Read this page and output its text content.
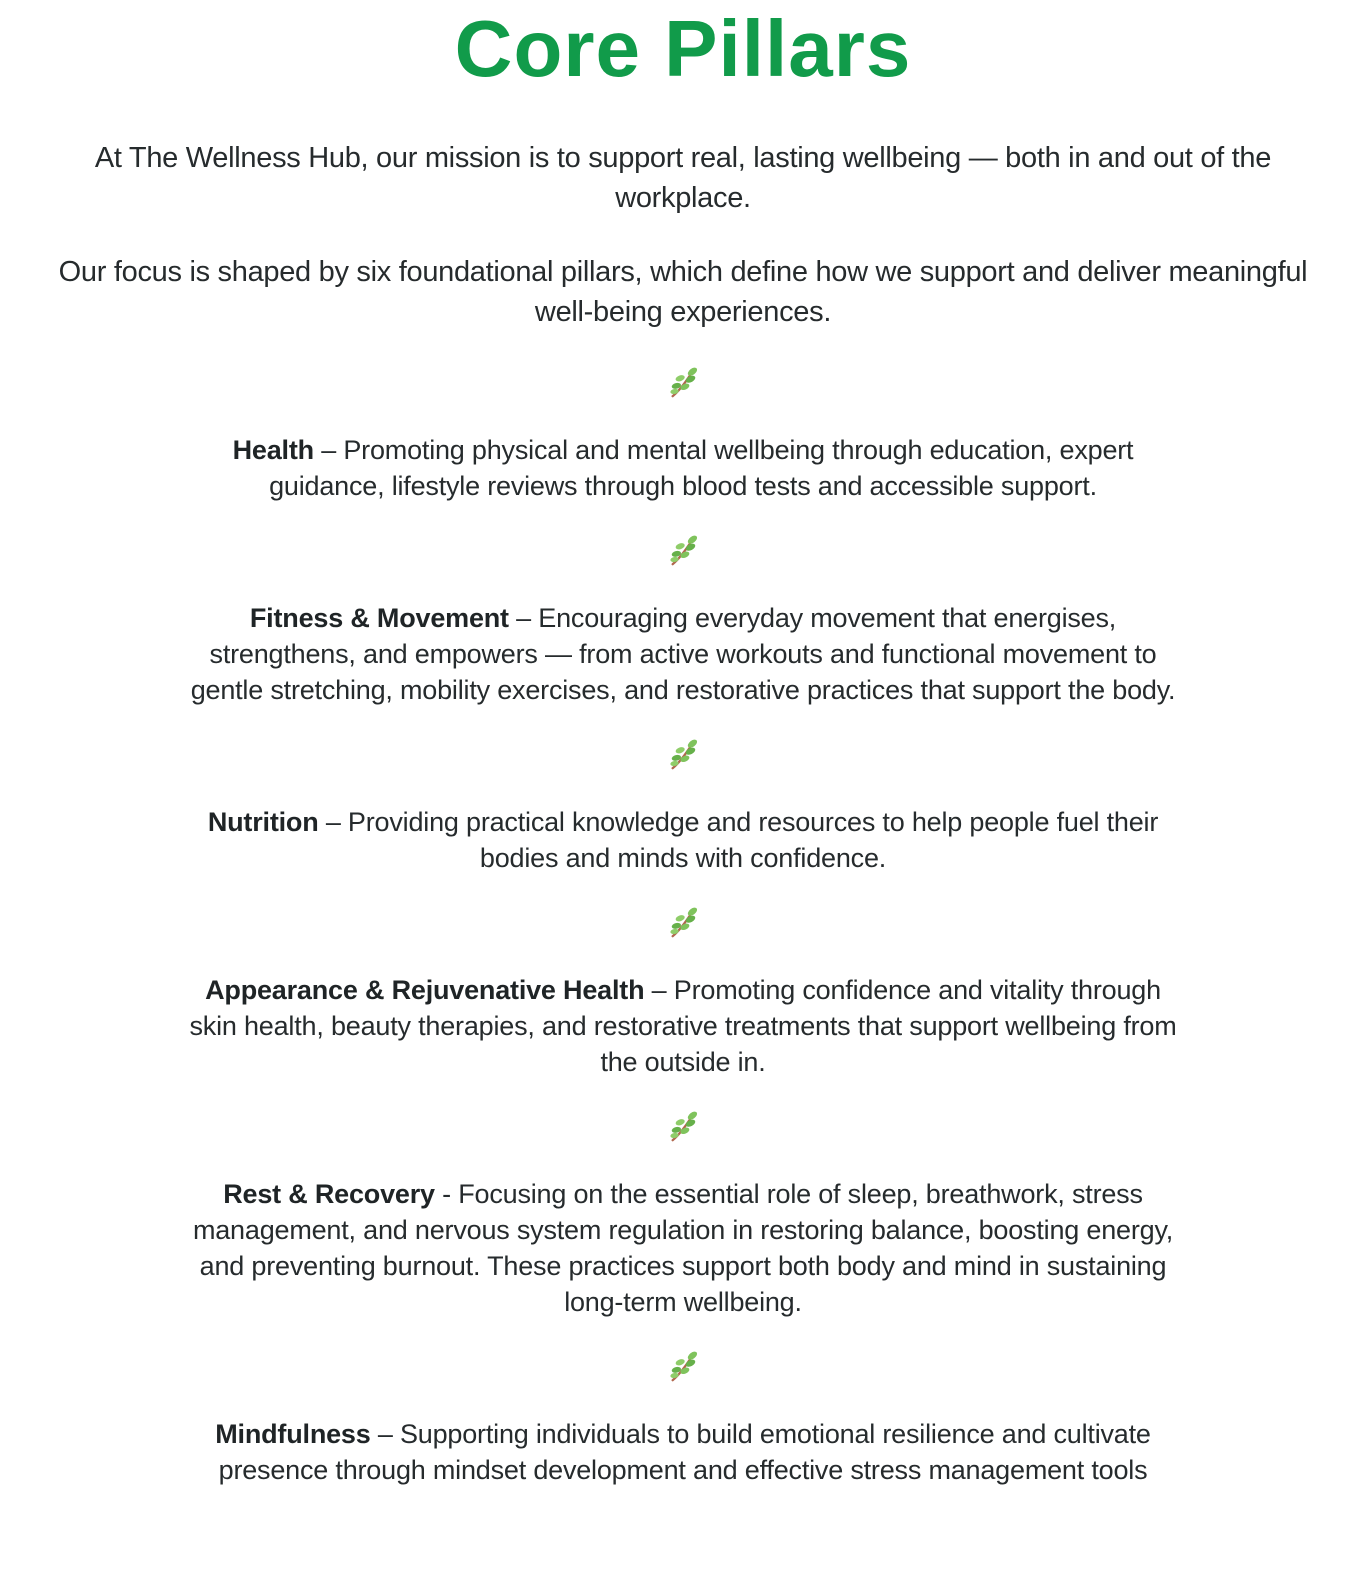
Core Pillars

At The Wellness Hub, our mission is to support real, lasting wellbeing — both in and out of the workplace.

Our focus is shaped by six foundational pillars, which define how we support and deliver meaningful well-being experiences.

Health – Promoting physical and mental wellbeing through education, expert guidance, lifestyle reviews through blood tests and accessible support.

Fitness & Movement – Encouraging everyday movement that energises, strengthens, and empowers — from active workouts and functional movement to gentle stretching, mobility exercises, and restorative practices that support the body.

Nutrition – Providing practical knowledge and resources to help people fuel their bodies and minds with confidence.

Appearance & Rejuvenative Health – Promoting confidence and vitality through skin health, beauty therapies, and restorative treatments that support wellbeing from the outside in.

Rest & Recovery - Focusing on the essential role of sleep, breathwork, stress management, and nervous system regulation in restoring balance, boosting energy, and preventing burnout. These practices support both body and mind in sustaining long-term wellbeing.

Mindfulness – Supporting individuals to build emotional resilience and cultivate presence through mindset development and effective stress management tools
